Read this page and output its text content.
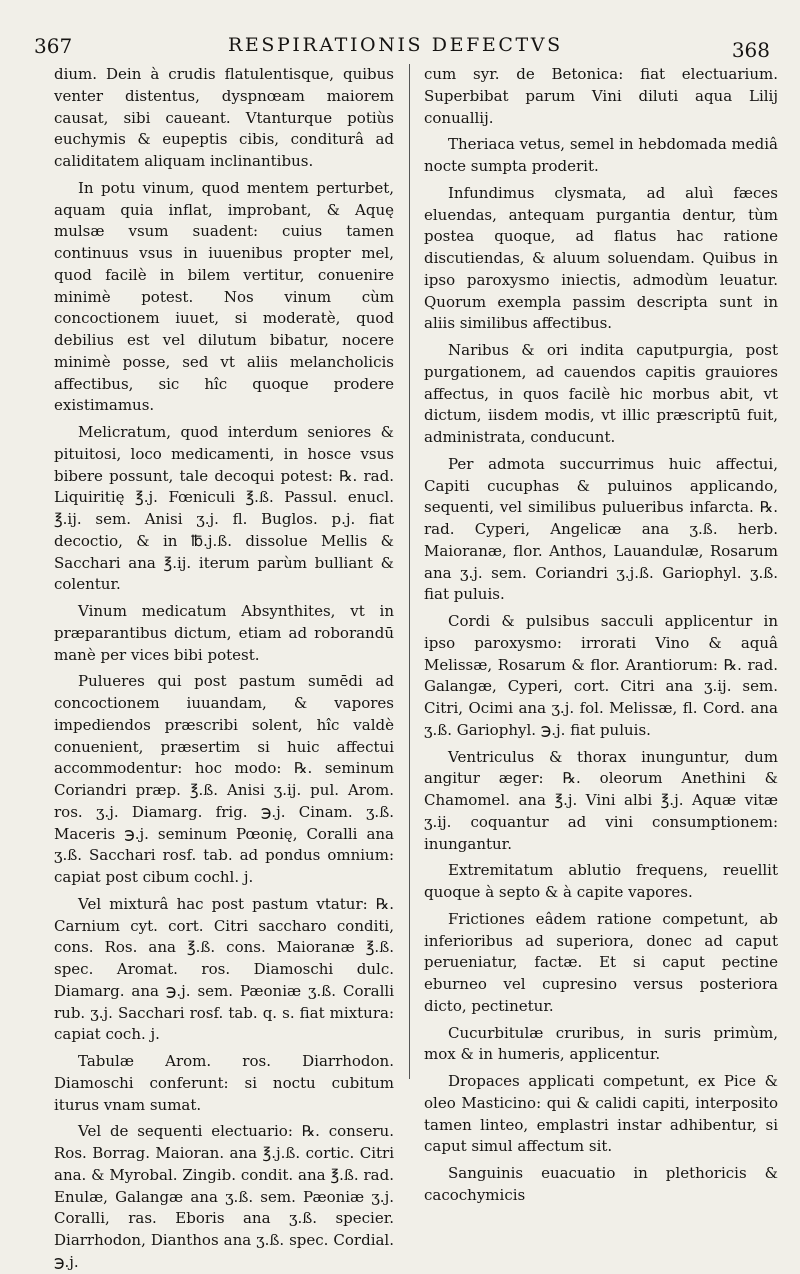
367	RESPIRATIONIS DEFECTVS	368

dium. Dein à crudis flatulentisque, quibus venter distentus, dyspnœam maiorem causat, sibi caueant. Vtanturque potiùs euchymis & eupeptis cibis, conditurâ ad caliditatem aliquam inclinantibus.

In potu vinum, quod mentem perturbet, aquam quia inflat, improbant, & Aquę mulsæ vsum suadent: cuius tamen continuus vsus in iuuenibus propter mel, quod facilè in bilem vertitur, conuenire minimè potest. Nos vinum cùm concoctionem iuuet, si moderatè, quod debilius est vel dilutum bibatur, nocere minimè posse, sed vt aliis melancholicis affectibus, sic hîc quoque prodere existimamus.

Melicratum, quod interdum seniores & pituitosi, loco medicamenti, in hosce vsus bibere possunt, tale decoqui potest: ℞. rad. Liquiritię ℥.j. Fœniculi ℥.ß. Passul. enucl. ℥.ij. sem. Anisi ʒ.j. fl. Buglos. p.j. fiat decoctio, & in ℔.j.ß. dissolue Mellis & Sacchari ana ℥.ij. iterum parùm bulliant & colentur.

Vinum medicatum Absynthites, vt in præparantibus dictum, etiam ad roborandū manè per vices bibi potest.

Pulueres qui post pastum sumēdi ad concoctionem iuuandam, & vapores impediendos præscribi solent, hîc valdè conuenient, præsertim si huic affectui accommodentur: hoc modo: ℞. seminum Coriandri præp. ℥.ß. Anisi ʒ.ij. pul. Arom. ros. ʒ.j. Diamarg. frig. ℈.j. Cinam. ʒ.ß. Maceris ℈.j. seminum Pœonię, Coralli ana ʒ.ß. Sacchari rosf. tab. ad pondus omnium: capiat post cibum cochl. j.

Vel mixturâ hac post pastum vtatur: ℞. Carnium cyt. cort. Citri saccharo conditi, cons. Ros. ana ℥.ß. cons. Maioranæ ℥.ß. spec. Aromat. ros. Diamoschi dulc. Diamarg. ana ℈.j. sem. Pæoniæ ʒ.ß. Coralli rub. ʒ.j. Sacchari rosf. tab. q. s. fiat mixtura: capiat coch. j.

Tabulæ Arom. ros. Diarrhodon. Diamoschi conferunt: si noctu cubitum iturus vnam sumat.

Vel de sequenti electuario: ℞. conseru. Ros. Borrag. Maioran. ana ℥.j.ß. cortic. Citri ana. & Myrobal. Zingib. condit. ana ℥.ß. rad. Enulæ, Galangæ ana ʒ.ß. sem. Pæoniæ ʒ.j. Coralli, ras. Eboris ana ʒ.ß. specier. Diarrhodon, Dianthos ana ʒ.ß. spec. Cordial. ℈.j.

cum syr. de Betonica: fiat electuarium. Superbibat parum Vini diluti aqua Lilij conuallij.

Theriaca vetus, semel in hebdomada mediâ nocte sumpta proderit.

Infundimus clysmata, ad aluì fæces eluendas, antequam purgantia dentur, tùm postea quoque, ad flatus hac ratione discutiendas, & aluum soluendam. Quibus in ipso paroxysmo iniectis, admodùm leuatur. Quorum exempla passim descripta sunt in aliis similibus affectibus.

Naribus & ori indita caputpurgia, post purgationem, ad cauendos capitis grauiores affectus, in quos facilè hic morbus abit, vt dictum, iisdem modis, vt illic præscriptū fuit, administrata, conducunt.

Per admota succurrimus huic affectui, Capiti cucuphas & puluinos applicando, sequenti, vel similibus pulueribus infarcta. ℞. rad. Cyperi, Angelicæ ana ʒ.ß. herb. Maioranæ, flor. Anthos, Lauandulæ, Rosarum ana ʒ.j. sem. Coriandri ʒ.j.ß. Gariophyl. ʒ.ß. fiat puluis.

Cordi & pulsibus sacculi applicentur in ipso paroxysmo: irrorati Vino & aquâ Melissæ, Rosarum & flor. Arantiorum: ℞. rad. Galangæ, Cyperi, cort. Citri ana ʒ.ij. sem. Citri, Ocimi ana ʒ.j. fol. Melissæ, fl. Cord. ana ʒ.ß. Gariophyl. ℈.j. fiat puluis.

Ventriculus & thorax inunguntur, dum angitur æger: ℞. oleorum Anethini & Chamomel. ana ℥.j. Vini albi ℥.j. Aquæ vitæ ʒ.ij. coquantur ad vini consumptionem: inungantur.

Extremitatum ablutio frequens, reuellit quoque à septo & à capite vapores.

Frictiones eâdem ratione competunt, ab inferioribus ad superiora, donec ad caput perueniatur, factæ. Et si caput pectine eburneo vel cupresino versus posteriora dicto, pectinetur.

Cucurbitulæ cruribus, in suris primùm, mox & in humeris, applicentur.

Dropaces applicati competunt, ex Pice & oleo Masticino: qui & calidi capiti, interposito tamen linteo, emplastri instar adhibentur, si caput simul affectum sit.

Sanguinis euacuatio in plethoricis & cacochymicis
